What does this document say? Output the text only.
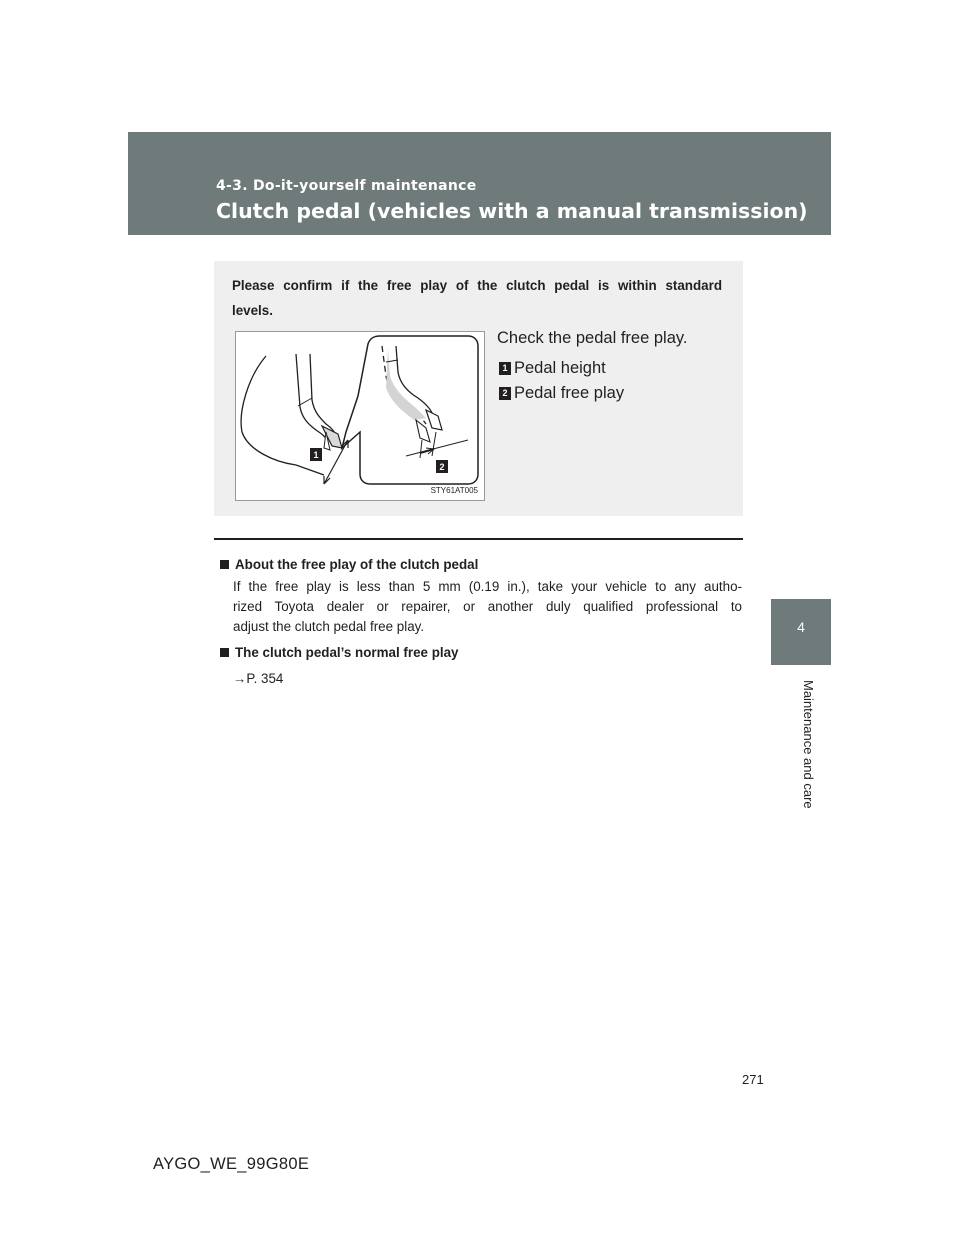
4-3. Do-it-yourself maintenance
Clutch pedal (vehicles with a manual transmission)
4
Maintenance and care
Please confirm if the free play of the clutch pedal is within standard
levels.
1
2
STY61AT005
Check the pedal free play.
1 Pedal height
2 Pedal free play
About the free play of the clutch pedal
If the free play is less than 5 mm (0.19 in.), take your vehicle to any autho-
rized Toyota dealer or repairer, or another duly qualified professional to
adjust the clutch pedal free play.
The clutch pedal’s normal free play
→P. 354
271
AYGO_WE_99G80E
